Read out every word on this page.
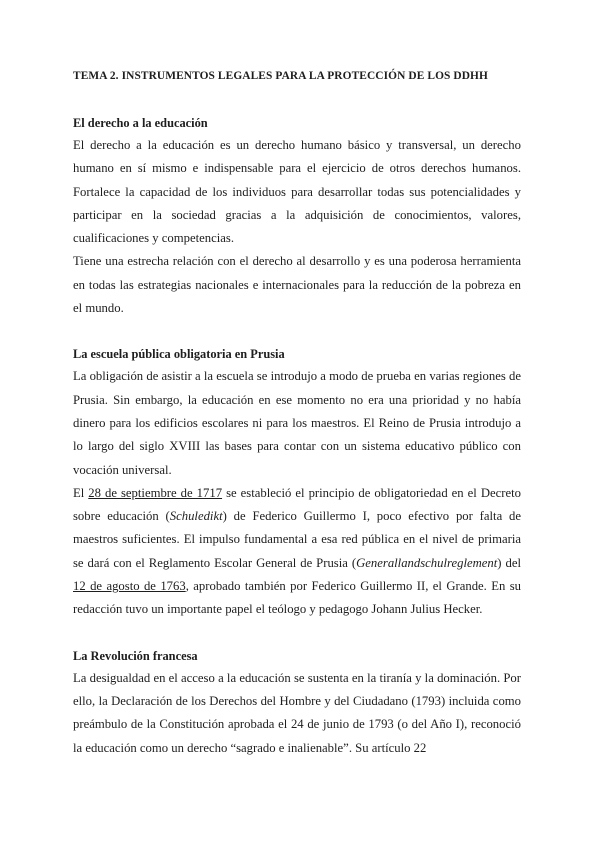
TEMA 2. INSTRUMENTOS LEGALES PARA LA PROTECCIÓN DE LOS DDHH
El derecho a la educación

El derecho a la educación es un derecho humano básico y transversal, un derecho humano en sí mismo e indispensable para el ejercicio de otros derechos humanos. Fortalece la capacidad de los individuos para desarrollar todas sus potencialidades y participar en la sociedad gracias a la adquisición de conocimientos, valores, cualificaciones y competencias.

Tiene una estrecha relación con el derecho al desarrollo y es una poderosa herramienta en todas las estrategias nacionales e internacionales para la reducción de la pobreza en el mundo.

La escuela pública obligatoria en Prusia

La obligación de asistir a la escuela se introdujo a modo de prueba en varias regiones de Prusia. Sin embargo, la educación en ese momento no era una prioridad y no había dinero para los edificios escolares ni para los maestros. El Reino de Prusia introdujo a lo largo del siglo XVIII las bases para contar con un sistema educativo público con vocación universal.

El 28 de septiembre de 1717 se estableció el principio de obligatoriedad en el Decreto sobre educación (Schuledikt) de Federico Guillermo I, poco efectivo por falta de maestros suficientes. El impulso fundamental a esa red pública en el nivel de primaria se dará con el Reglamento Escolar General de Prusia (Generallandschulreglement) del 12 de agosto de 1763, aprobado también por Federico Guillermo II, el Grande. En su redacción tuvo un importante papel el teólogo y pedagogo Johann Julius Hecker.

La Revolución francesa

La desigualdad en el acceso a la educación se sustenta en la tiranía y la dominación. Por ello, la Declaración de los Derechos del Hombre y del Ciudadano (1793) incluida como preámbulo de la Constitución aprobada el 24 de junio de 1793 (o del Año I), reconoció la educación como un derecho “sagrado e inalienable”. Su artículo 22
